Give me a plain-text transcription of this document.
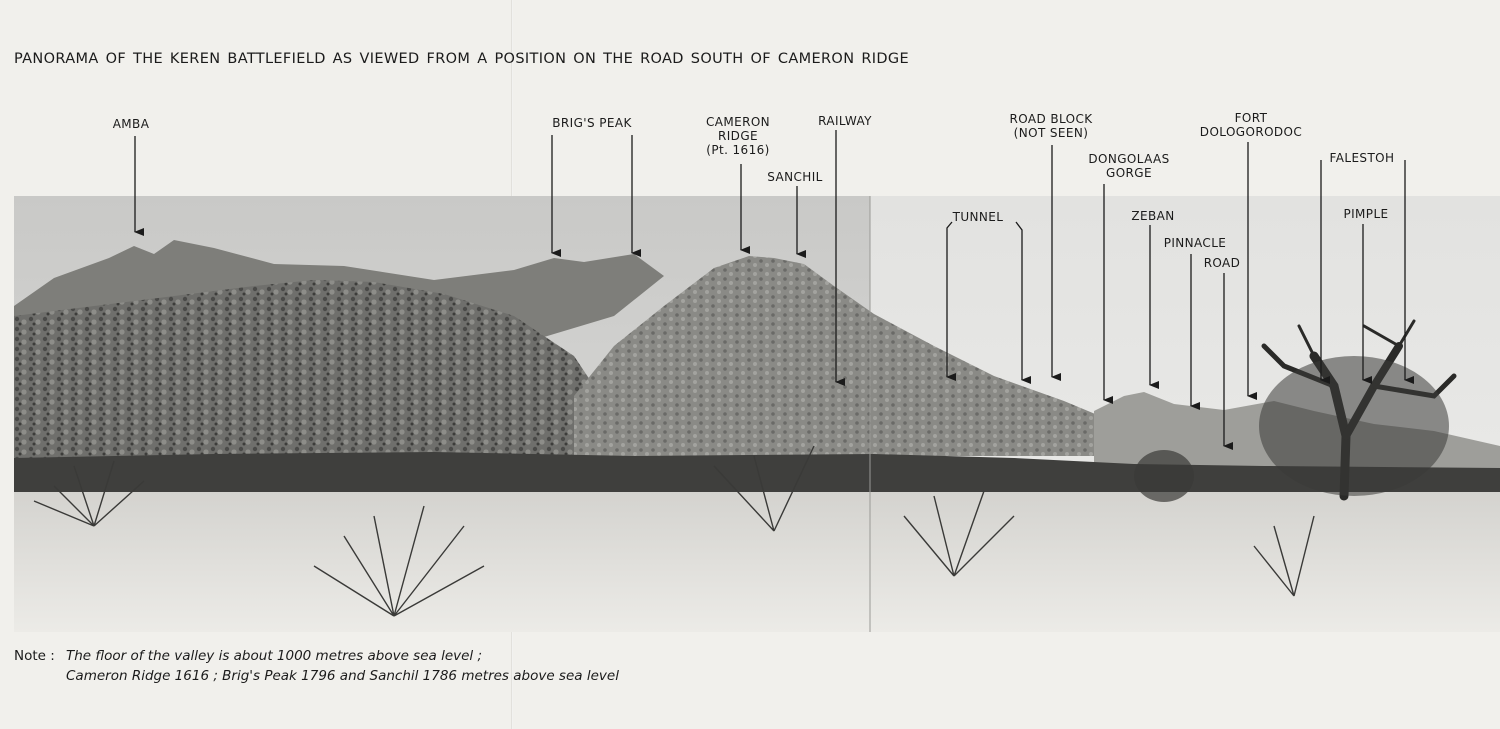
PANORAMA OF THE KEREN BATTLEFIELD AS VIEWED FROM A POSITION ON THE ROAD SOUTH OF CAMERON RIDGE
AMBA	BRIG'S PEAK	CAMERON
RIDGE
(Pt. 1616)
SANCHIL
RAILWAY	ROAD BLOCK
(NOT SEEN)
TUNNEL
DONGOLAAS
GORGE
ZEBAN
PINNACLE
ROAD
FORT
DOLOGORODOC
FALESTOH
PIMPLE
Note : The floor of the valley is about 1000 metres above sea level ;
Cameron Ridge 1616 ; Brig's Peak 1796 and Sanchil 1786 metres above sea level
